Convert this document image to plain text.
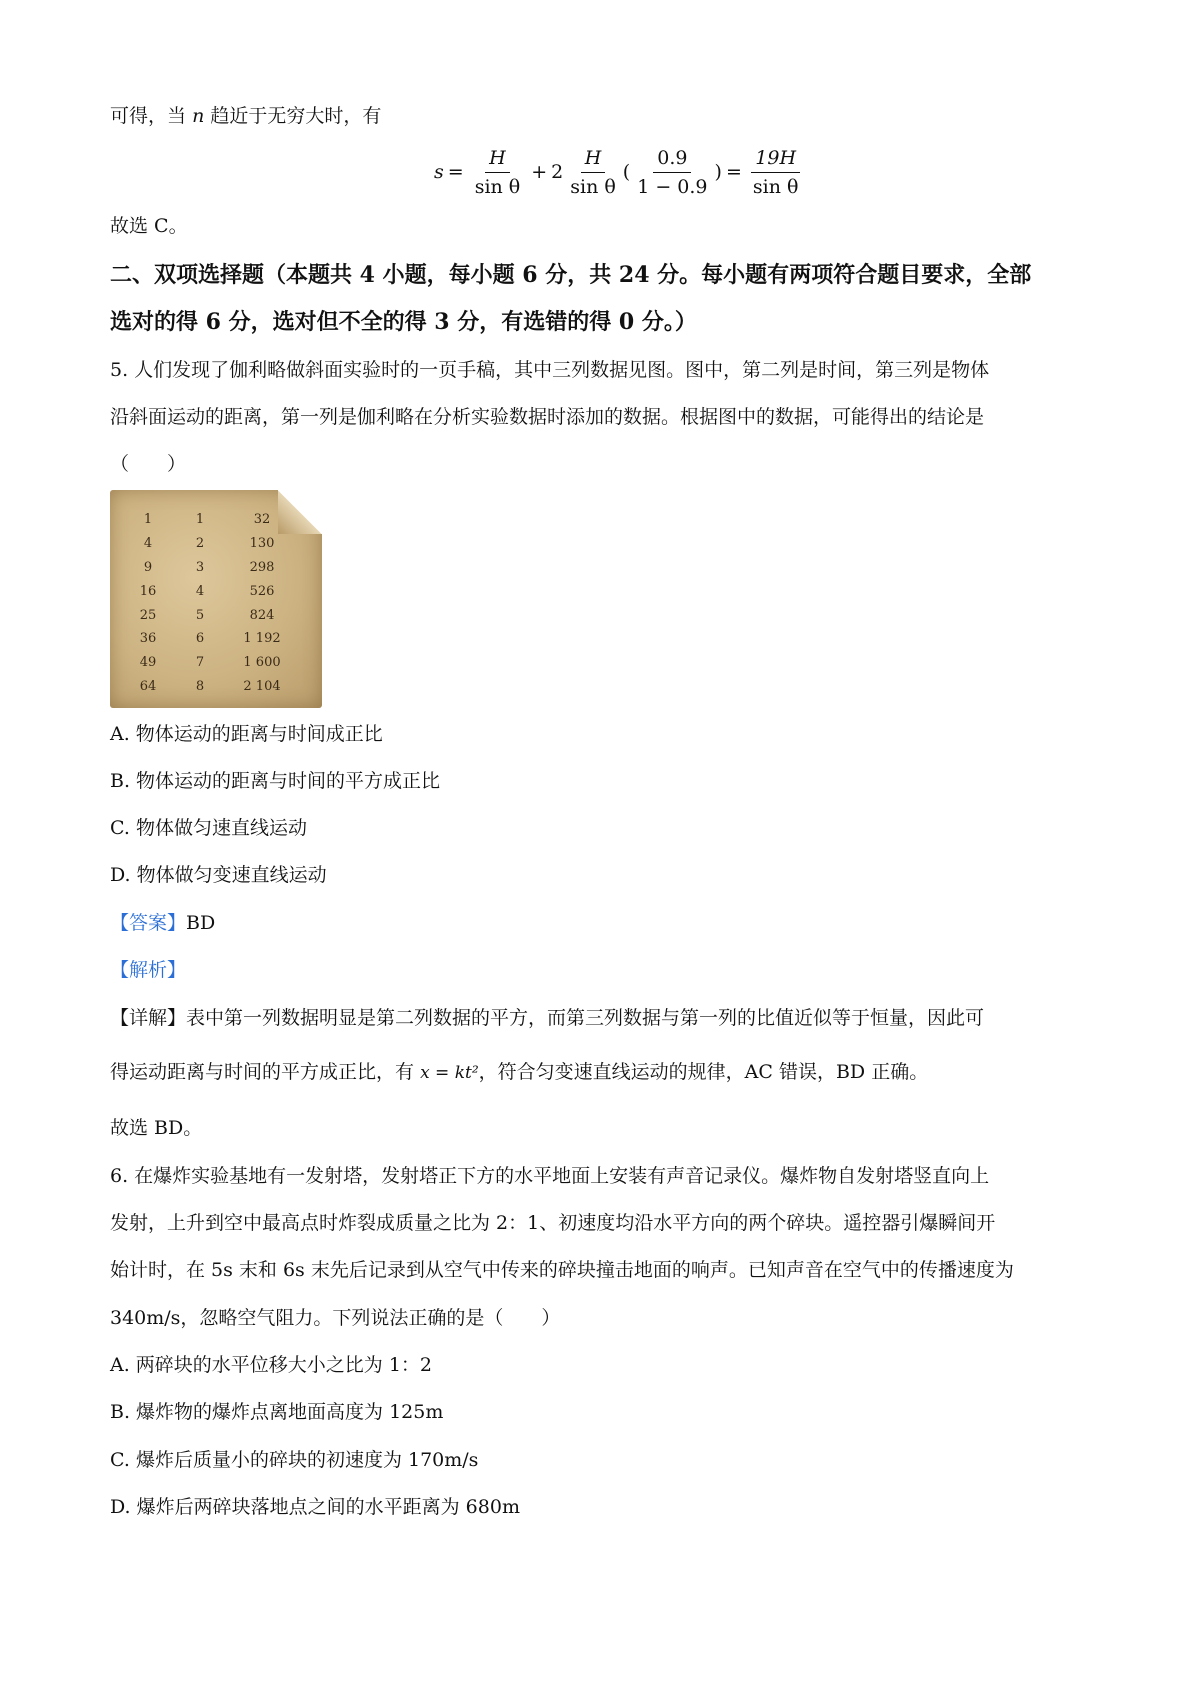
可得，当 n 趋近于无穷大时，有
$s = \frac{H}{\text{sin θ}} + 2 \frac{H}{\text{sin θ}}$ ( $\frac{0.9}{1 - 0.9}$ ) = $\frac{19H}{\text{sin θ}}$
故选 C。
二、双项选择题（本题共 4 小题，每小题 6 分，共 24 分。每小题有两项符合题目要求，全部
选对的得 6 分，选对但不全的得 3 分，有选错的得 0 分。）
5. 人们发现了伽利略做斜面实验时的一页手稿，其中三列数据见图。图中，第二列是时间，第三列是物体
沿斜面运动的距离，第一列是伽利略在分析实验数据时添加的数据。根据图中的数据，可能得出的结论是
（　　）
1	1	32
4	2	130
9	3	298
16	4	526
25	5	824
36	6	1 192
49	7	1 600
64	8	2 104
A. 物体运动的距离与时间成正比
B. 物体运动的距离与时间的平方成正比
C. 物体做匀速直线运动
D. 物体做匀变速直线运动
【答案】BD
【解析】
【详解】表中第一列数据明显是第二列数据的平方，而第三列数据与第一列的比值近似等于恒量，因此可
得运动距离与时间的平方成正比，有 x = kt²，符合匀变速直线运动的规律，AC 错误，BD 正确。
故选 BD。
6. 在爆炸实验基地有一发射塔，发射塔正下方的水平地面上安装有声音记录仪。爆炸物自发射塔竖直向上
发射，上升到空中最高点时炸裂成质量之比为 2：1、初速度均沿水平方向的两个碎块。遥控器引爆瞬间开
始计时，在 5s 末和 6s 末先后记录到从空气中传来的碎块撞击地面的响声。已知声音在空气中的传播速度为
340m/s，忽略空气阻力。下列说法正确的是（　　）
A. 两碎块的水平位移大小之比为 1：2
B. 爆炸物的爆炸点离地面高度为 125m
C. 爆炸后质量小的碎块的初速度为 170m/s
D. 爆炸后两碎块落地点之间的水平距离为 680m
